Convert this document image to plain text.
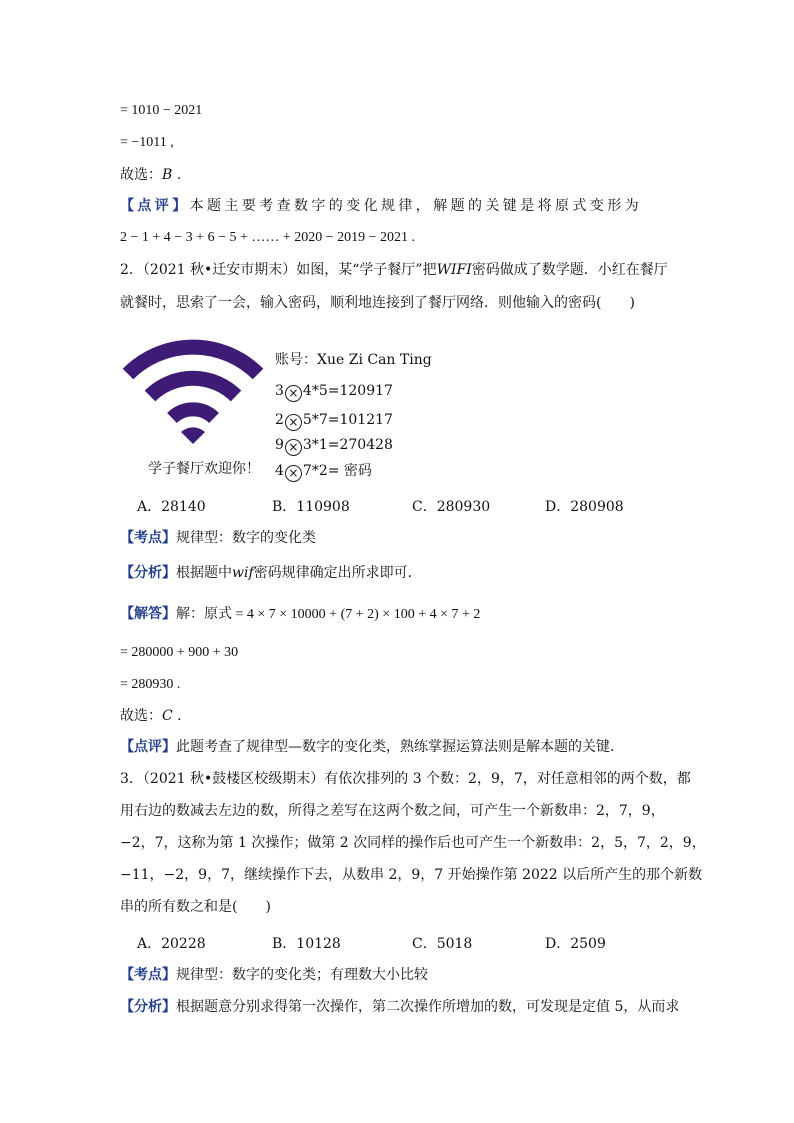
= 1010 − 2021
= −1011 ,
故选：B .
【点评】本题主要考查数字的变化规律，解题的关键是将原式变形为
2 − 1 + 4 − 3 + 6 − 5 + …… + 2020 − 2019 − 2021 .
2．（2021 秋•迁安市期末）如图，某“学子餐厅”把WIFI密码做成了数学题．小红在餐厅
就餐时，思索了一会，输入密码，顺利地连接到了餐厅网络．则他输入的密码(　　)
学子餐厅欢迎你！
账号：Xue Zi Can Ting
3 × 4*5=120917
2 × 5*7=101217
9 × 3*1=270428
4 × 7*2= 密码
A．28140	B．110908	C．280930	D．280908
【考点】规律型：数字的变化类
【分析】根据题中wif密码规律确定出所求即可．
【解答】解：原式 = 4 × 7 × 10000 + (7 + 2) × 100 + 4 × 7 + 2
= 280000 + 900 + 30
= 280930 .
故选：C .
【点评】此题考查了规律型—数字的变化类，熟练掌握运算法则是解本题的关键．
3．（2021 秋•鼓楼区校级期末）有依次排列的 3 个数：2，9，7，对任意相邻的两个数，都
用右边的数减去左边的数，所得之差写在这两个数之间，可产生一个新数串：2，7，9，
−2，7，这称为第 1 次操作；做第 2 次同样的操作后也可产生一个新数串：2，5，7，2，9，
−11，−2，9，7，继续操作下去，从数串 2，9，7 开始操作第 2022 以后所产生的那个新数
串的所有数之和是(　　)
A．20228	B．10128	C．5018	D．2509
【考点】规律型：数字的变化类；有理数大小比较
【分析】根据题意分别求得第一次操作，第二次操作所增加的数，可发现是定值 5，从而求
